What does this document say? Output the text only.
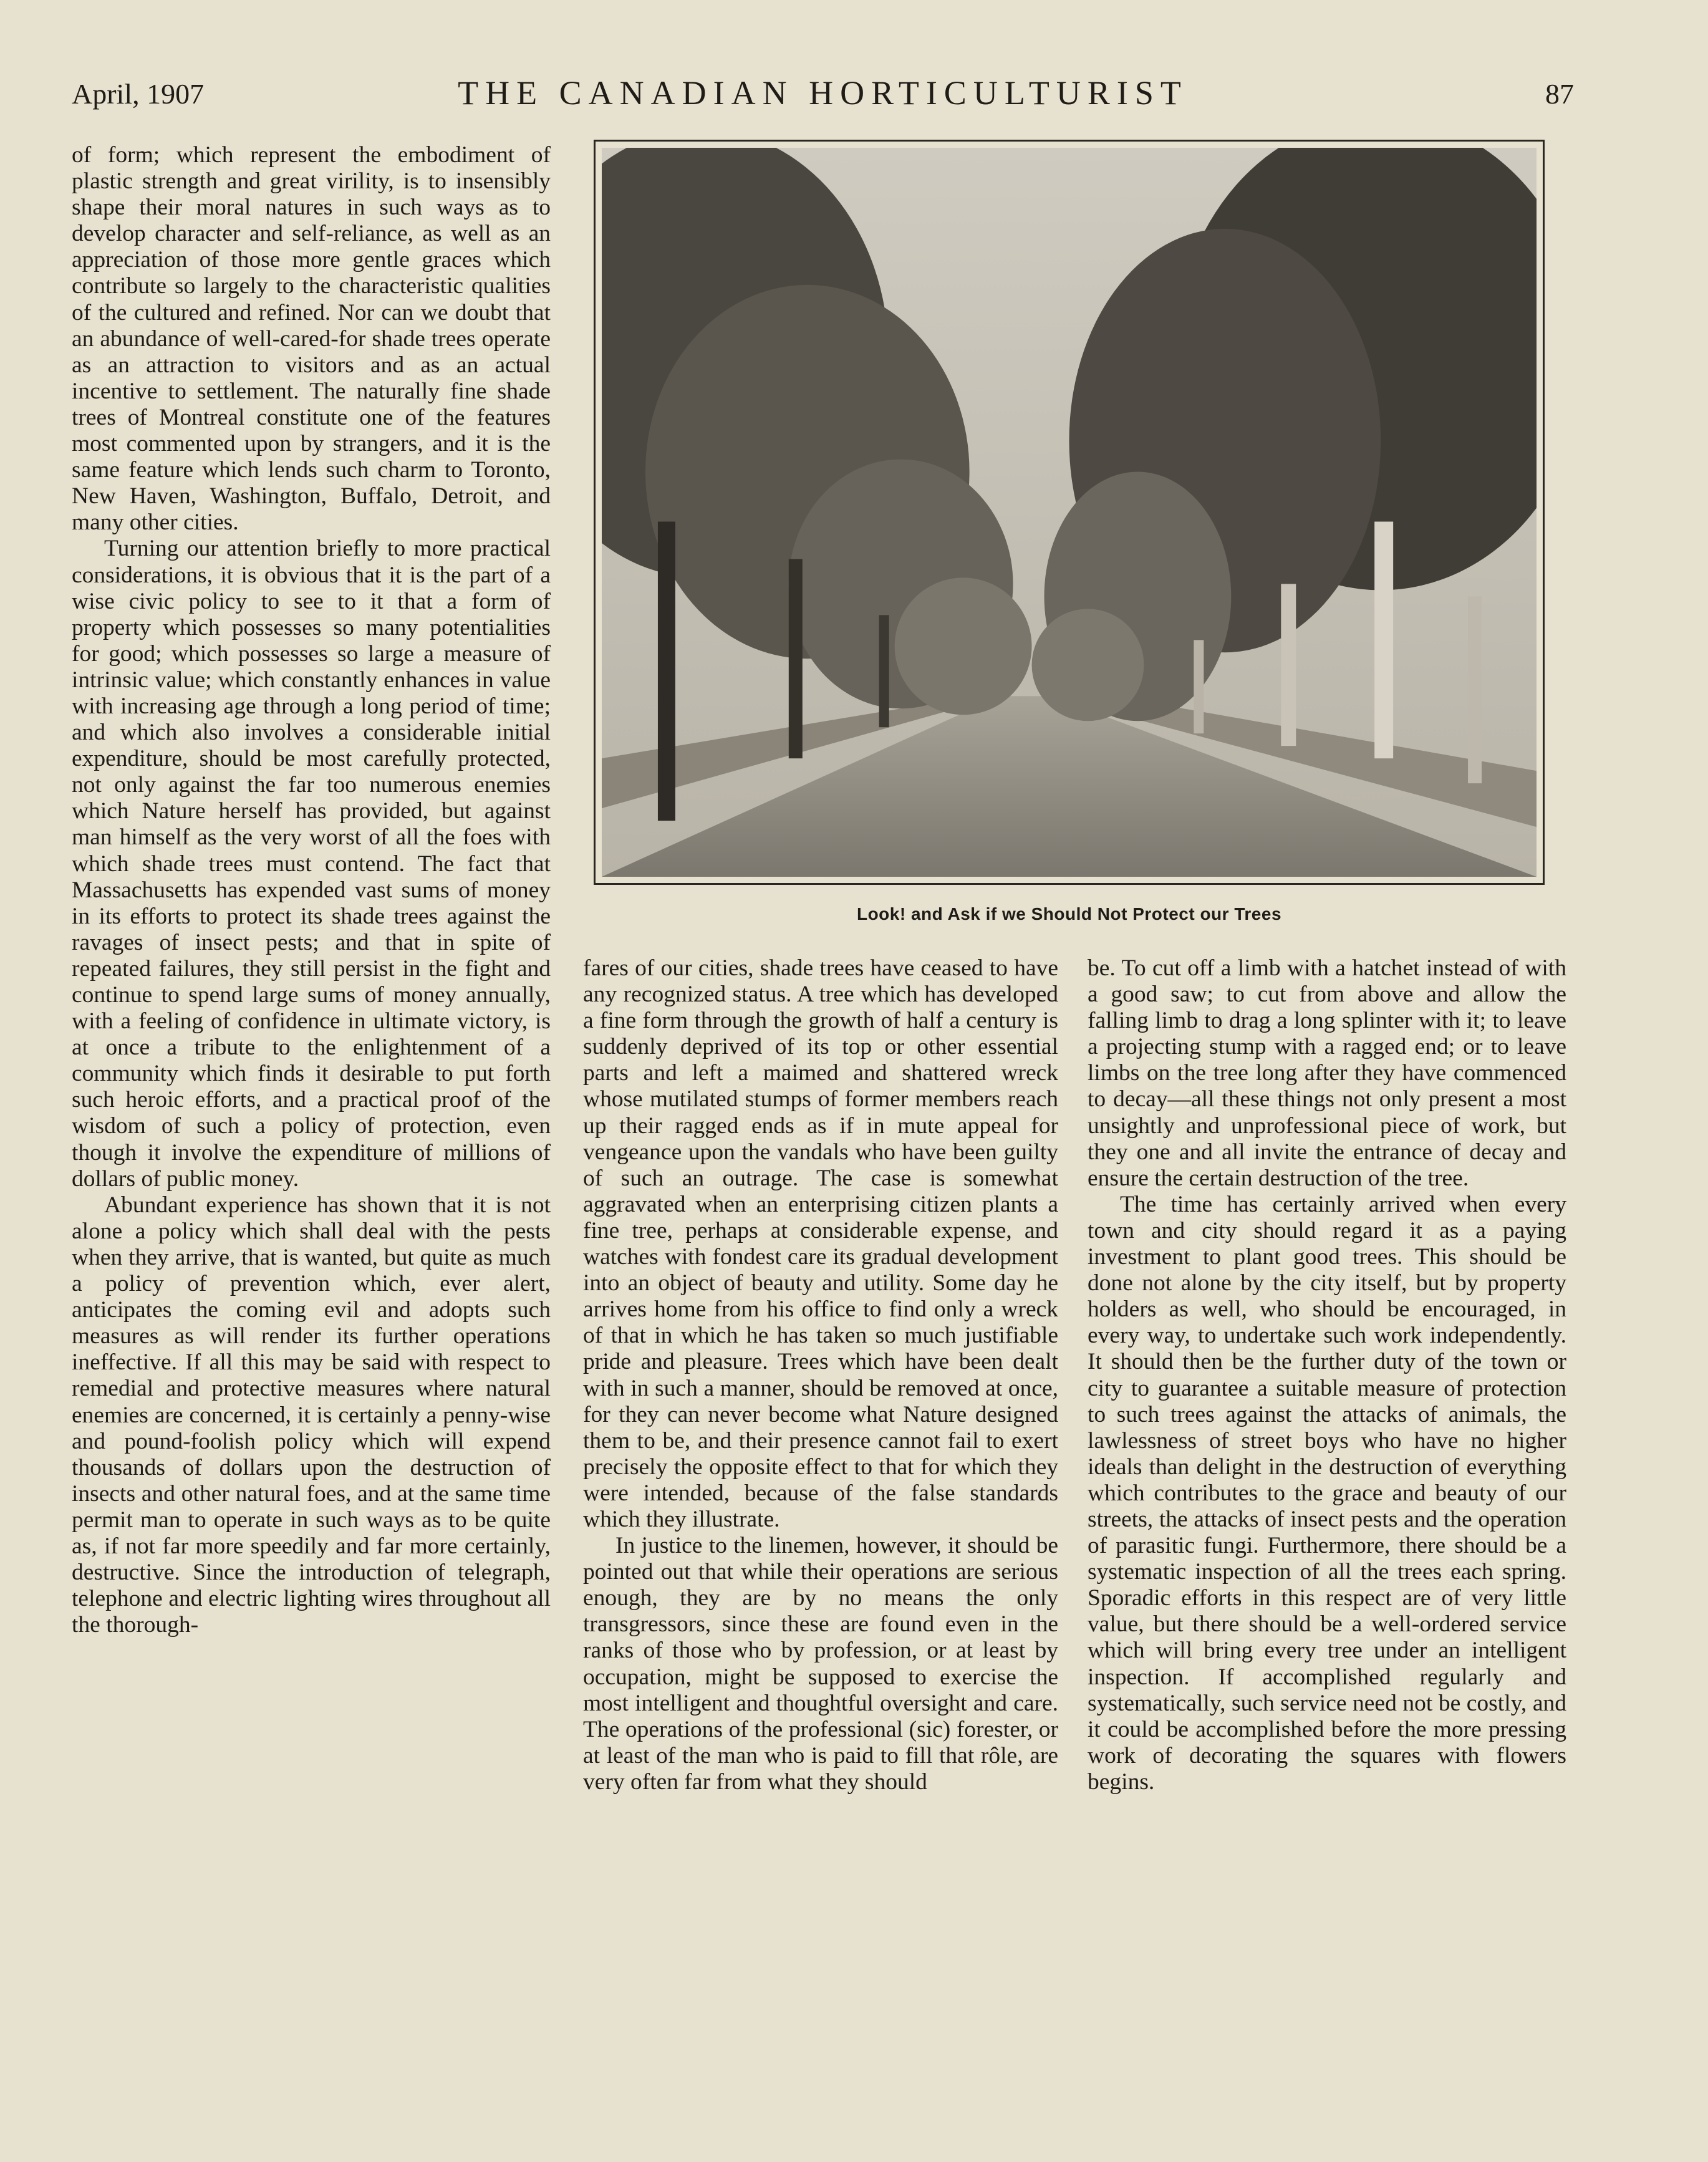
April, 1907	THE CANADIAN HORTICULTURIST	87

of form; which represent the embodiment of plastic strength and great virility, is to insensibly shape their moral natures in such ways as to develop character and self-reliance, as well as an appreciation of those more gentle graces which contribute so largely to the characteristic qualities of the cultured and refined. Nor can we doubt that an abundance of well-cared-for shade trees operate as an attraction to visitors and as an actual incentive to settlement. The naturally fine shade trees of Montreal constitute one of the features most commented upon by strangers, and it is the same feature which lends such charm to Toronto, New Haven, Washington, Buffalo, Detroit, and many other cities.

Turning our attention briefly to more practical considerations, it is obvious that it is the part of a wise civic policy to see to it that a form of property which possesses so many potentialities for good; which possesses so large a measure of intrinsic value; which constantly enhances in value with increasing age through a long period of time; and which also involves a considerable initial expenditure, should be most carefully protected, not only against the far too numerous enemies which Nature herself has provided, but against man himself as the very worst of all the foes with which shade trees must contend. The fact that Massachusetts has expended vast sums of money in its efforts to protect its shade trees against the ravages of insect pests; and that in spite of repeated failures, they still persist in the fight and continue to spend large sums of money annually, with a feeling of confidence in ultimate victory, is at once a tribute to the enlightenment of a community which finds it desirable to put forth such heroic efforts, and a practical proof of the wisdom of such a policy of protection, even though it involve the expenditure of millions of dollars of public money.

Abundant experience has shown that it is not alone a policy which shall deal with the pests when they arrive, that is wanted, but quite as much a policy of prevention which, ever alert, anticipates the coming evil and adopts such measures as will render its further operations ineffective. If all this may be said with respect to remedial and protective measures where natural enemies are concerned, it is certainly a penny-wise and pound-foolish policy which will expend thousands of dollars upon the destruction of insects and other natural foes, and at the same time permit man to operate in such ways as to be quite as, if not far more speedily and far more certainly, destructive. Since the introduction of telegraph, telephone and electric lighting wires throughout all the thorough-

Look! and Ask if we Should Not Protect our Trees

fares of our cities, shade trees have ceased to have any recognized status. A tree which has developed a fine form through the growth of half a century is suddenly deprived of its top or other essential parts and left a maimed and shattered wreck whose mutilated stumps of former members reach up their ragged ends as if in mute appeal for vengeance upon the vandals who have been guilty of such an outrage. The case is somewhat aggravated when an enterprising citizen plants a fine tree, perhaps at considerable expense, and watches with fondest care its gradual development into an object of beauty and utility. Some day he arrives home from his office to find only a wreck of that in which he has taken so much justifiable pride and pleasure. Trees which have been dealt with in such a manner, should be removed at once, for they can never become what Nature designed them to be, and their presence cannot fail to exert precisely the opposite effect to that for which they were intended, because of the false standards which they illustrate.

In justice to the linemen, however, it should be pointed out that while their operations are serious enough, they are by no means the only transgressors, since these are found even in the ranks of those who by profession, or at least by occupation, might be supposed to exercise the most intelligent and thoughtful oversight and care. The operations of the professional (sic) forester, or at least of the man who is paid to fill that rôle, are very often far from what they should

be. To cut off a limb with a hatchet instead of with a good saw; to cut from above and allow the falling limb to drag a long splinter with it; to leave a projecting stump with a ragged end; or to leave limbs on the tree long after they have commenced to decay—all these things not only present a most unsightly and unprofessional piece of work, but they one and all invite the entrance of decay and ensure the certain destruction of the tree.

The time has certainly arrived when every town and city should regard it as a paying investment to plant good trees. This should be done not alone by the city itself, but by property holders as well, who should be encouraged, in every way, to undertake such work independently. It should then be the further duty of the town or city to guarantee a suitable measure of protection to such trees against the attacks of animals, the lawlessness of street boys who have no higher ideals than delight in the destruction of everything which contributes to the grace and beauty of our streets, the attacks of insect pests and the operation of parasitic fungi. Furthermore, there should be a systematic inspection of all the trees each spring. Sporadic efforts in this respect are of very little value, but there should be a well-ordered service which will bring every tree under an intelligent inspection. If accomplished regularly and systematically, such service need not be costly, and it could be accomplished before the more pressing work of decorating the squares with flowers begins.
